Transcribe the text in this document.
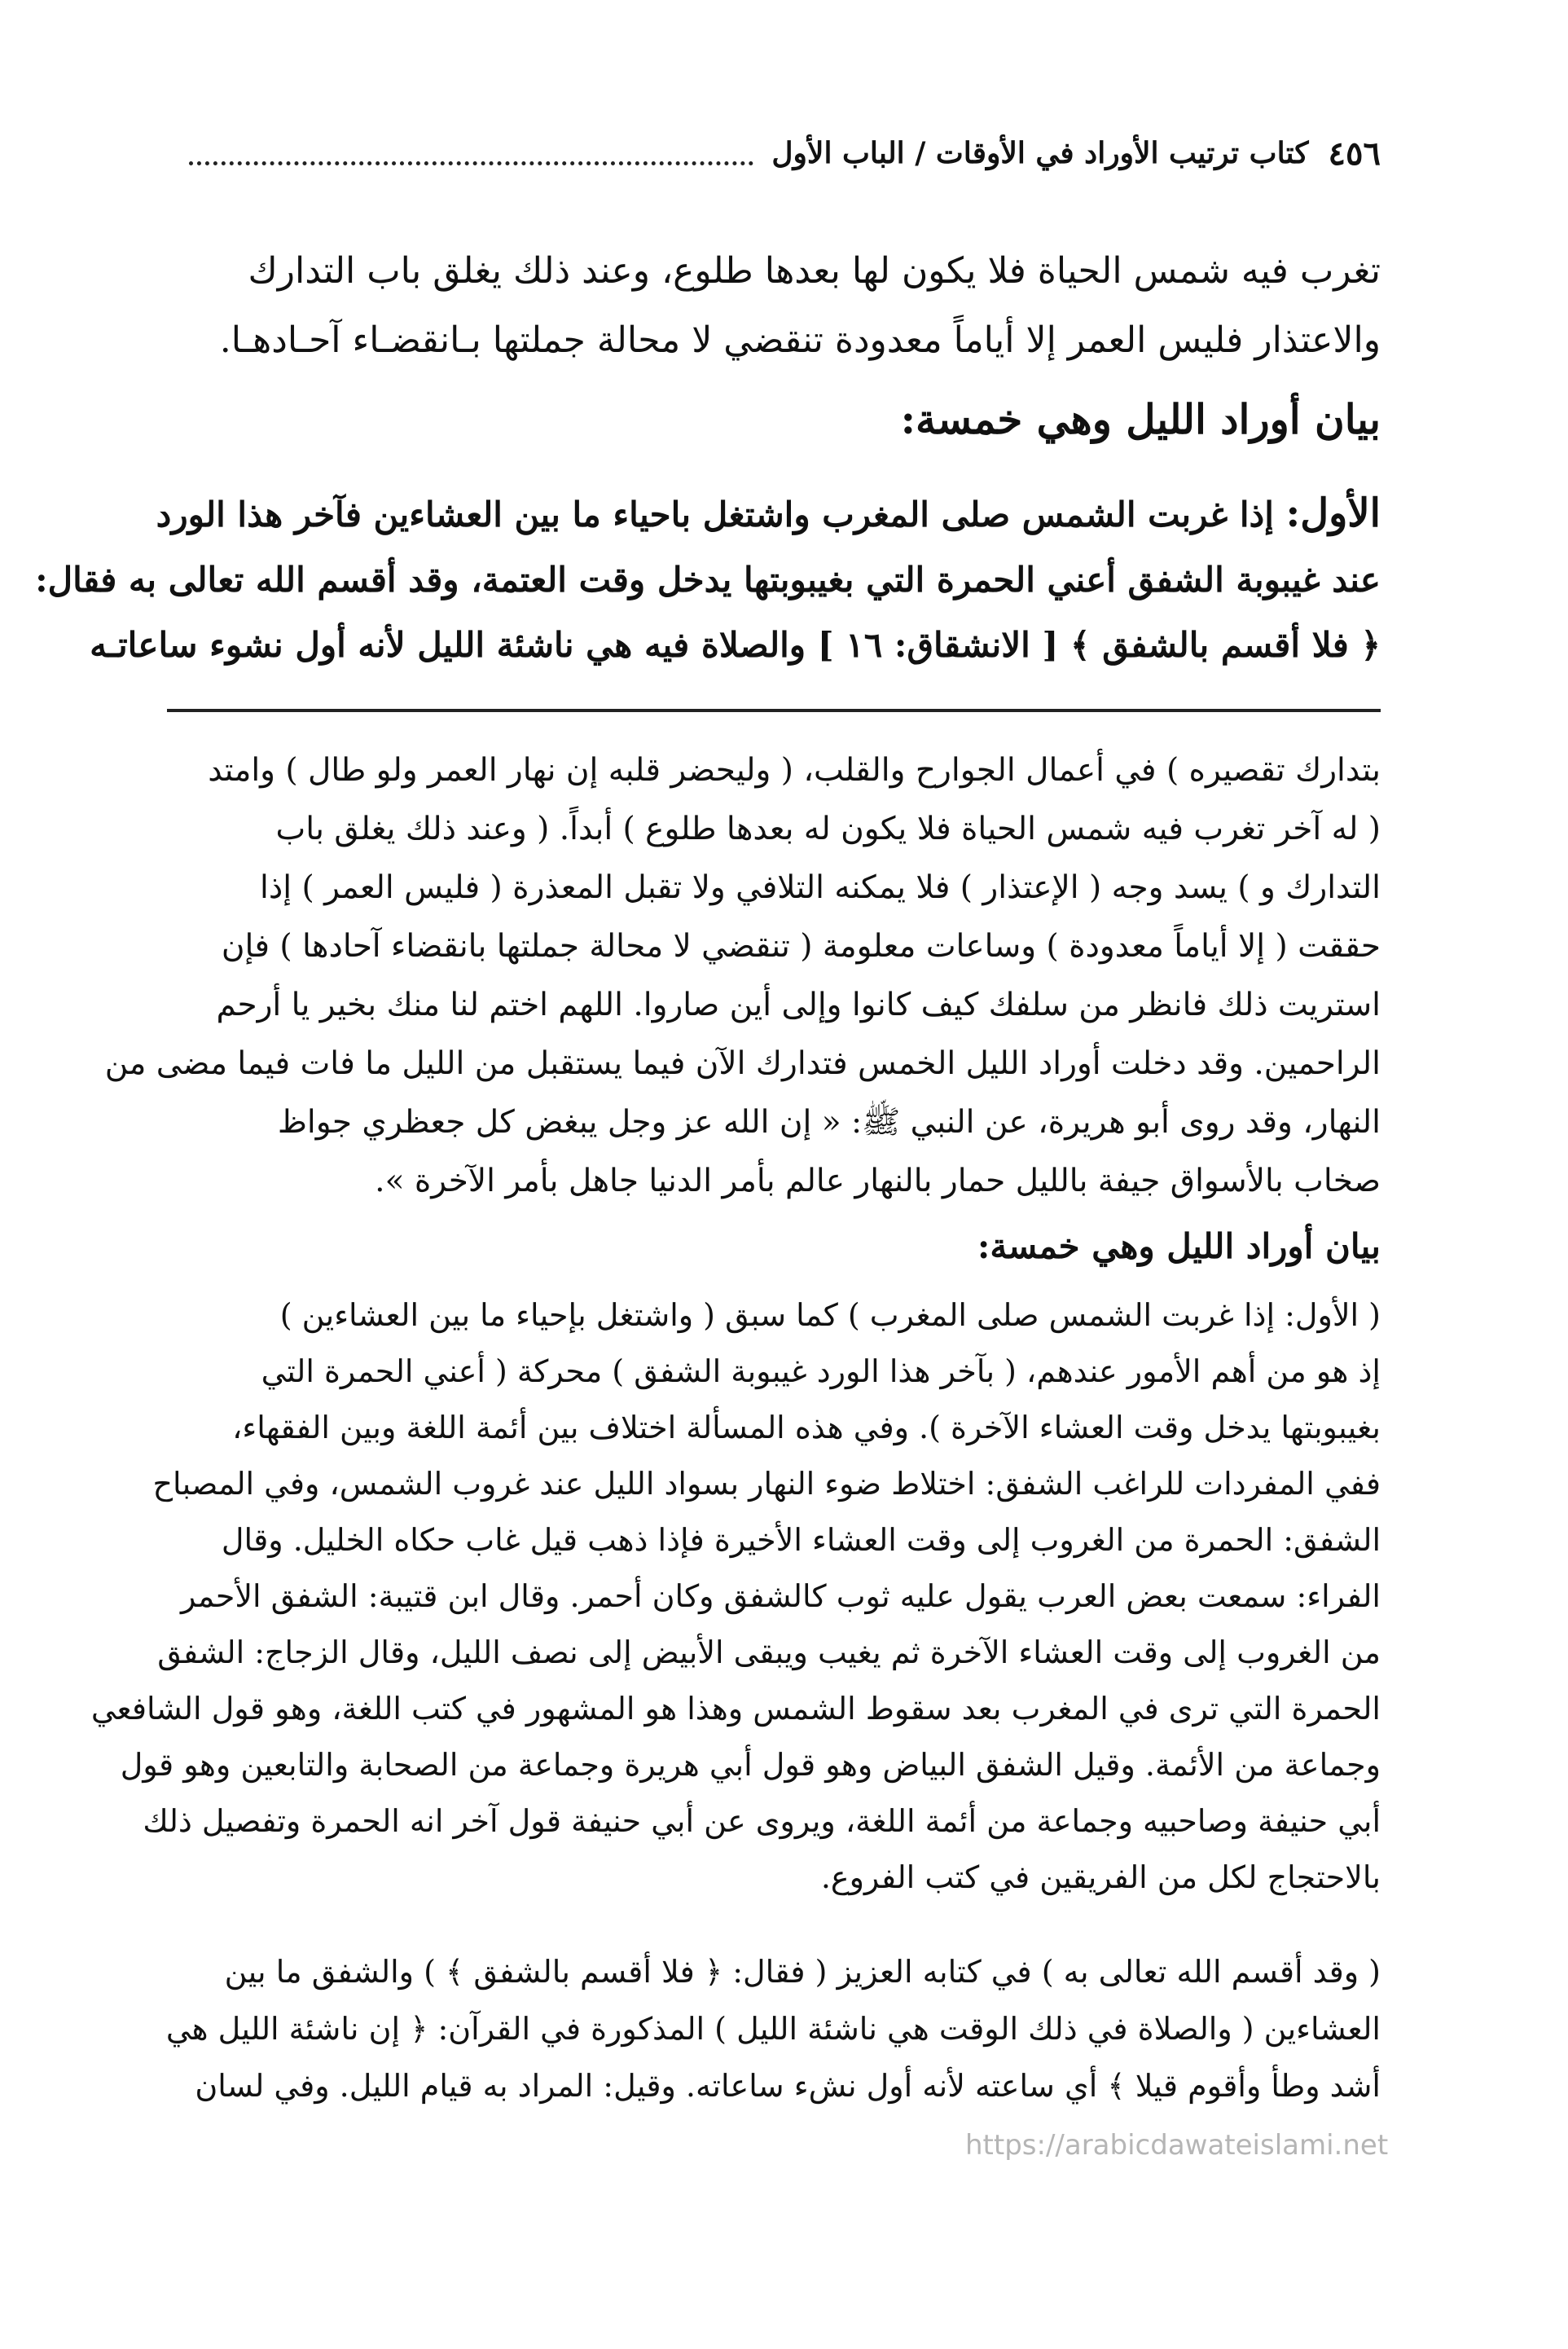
٤٥٦
كتاب ترتيب الأوراد في الأوقات / الباب الأول
تغرب فيه شمس الحياة فلا يكون لها بعدها طلوع، وعند ذلك يغلق باب التدارك
والاعتذار فليس العمر إلا أياماً معدودة تنقضي لا محالة جملتها بـانقضـاء آحـادهـا.
بيان أوراد الليل وهي خمسة:
الأول: إذا غربت الشمس صلى المغرب واشتغل باحياء ما بين العشاءين فآخر هذا الورد
عند غيبوبة الشفق أعني الحمرة التي بغيبوبتها يدخل وقت العتمة، وقد أقسم الله تعالى به فقال:
﴿ فلا أقسم بالشفق ﴾ [ الانشقاق: ١٦ ] والصلاة فيه هي ناشئة الليل لأنه أول نشوء ساعاتـه
بتدارك تقصيره ) في أعمال الجوارح والقلب، ( وليحضر قلبه إن نهار العمر ولو طال ) وامتد
( له آخر تغرب فيه شمس الحياة فلا يكون له بعدها طلوع ) أبداً. ( وعند ذلك يغلق باب
التدارك و ) يسد وجه ( الإعتذار ) فلا يمكنه التلافي ولا تقبل المعذرة ( فليس العمر ) إذا
حققت ( إلا أياماً معدودة ) وساعات معلومة ( تنقضي لا محالة جملتها بانقضاء آحادها ) فإن
استريت ذلك فانظر من سلفك كيف كانوا وإلى أين صاروا. اللهم اختم لنا منك بخير يا أرحم
الراحمين. وقد دخلت أوراد الليل الخمس فتدارك الآن فيما يستقبل من الليل ما فات فيما مضى من
النهار، وقد روى أبو هريرة، عن النبي ﷺ: « إن الله عز وجل يبغض كل جعظري جواظ
صخاب بالأسواق جيفة بالليل حمار بالنهار عالم بأمر الدنيا جاهل بأمر الآخرة ».
بيان أوراد الليل وهي خمسة:
( الأول: إذا غربت الشمس صلى المغرب ) كما سبق ( واشتغل بإحياء ما بين العشاءين )
إذ هو من أهم الأمور عندهم، ( بآخر هذا الورد غيبوبة الشفق ) محركة ( أعني الحمرة التي
بغيبوبتها يدخل وقت العشاء الآخرة ). وفي هذه المسألة اختلاف بين أئمة اللغة وبين الفقهاء،
ففي المفردات للراغب الشفق: اختلاط ضوء النهار بسواد الليل عند غروب الشمس، وفي المصباح
الشفق: الحمرة من الغروب إلى وقت العشاء الأخيرة فإذا ذهب قيل غاب حكاه الخليل. وقال
الفراء: سمعت بعض العرب يقول عليه ثوب كالشفق وكان أحمر. وقال ابن قتيبة: الشفق الأحمر
من الغروب إلى وقت العشاء الآخرة ثم يغيب ويبقى الأبيض إلى نصف الليل، وقال الزجاج: الشفق
الحمرة التي ترى في المغرب بعد سقوط الشمس وهذا هو المشهور في كتب اللغة، وهو قول الشافعي
وجماعة من الأئمة. وقيل الشفق البياض وهو قول أبي هريرة وجماعة من الصحابة والتابعين وهو قول
أبي حنيفة وصاحبيه وجماعة من أئمة اللغة، ويروى عن أبي حنيفة قول آخر انه الحمرة وتفصيل ذلك
بالاحتجاج لكل من الفريقين في كتب الفروع.
( وقد أقسم الله تعالى به ) في كتابه العزيز ( فقال: ﴿ فلا أقسم بالشفق ﴾ ) والشفق ما بين
العشاءين ( والصلاة في ذلك الوقت هي ناشئة الليل ) المذكورة في القرآن: ﴿ إن ناشئة الليل هي
أشد وطأ وأقوم قيلا ﴾ أي ساعته لأنه أول نشء ساعاته. وقيل: المراد به قيام الليل. وفي لسان
https://arabicdawateislami.net
